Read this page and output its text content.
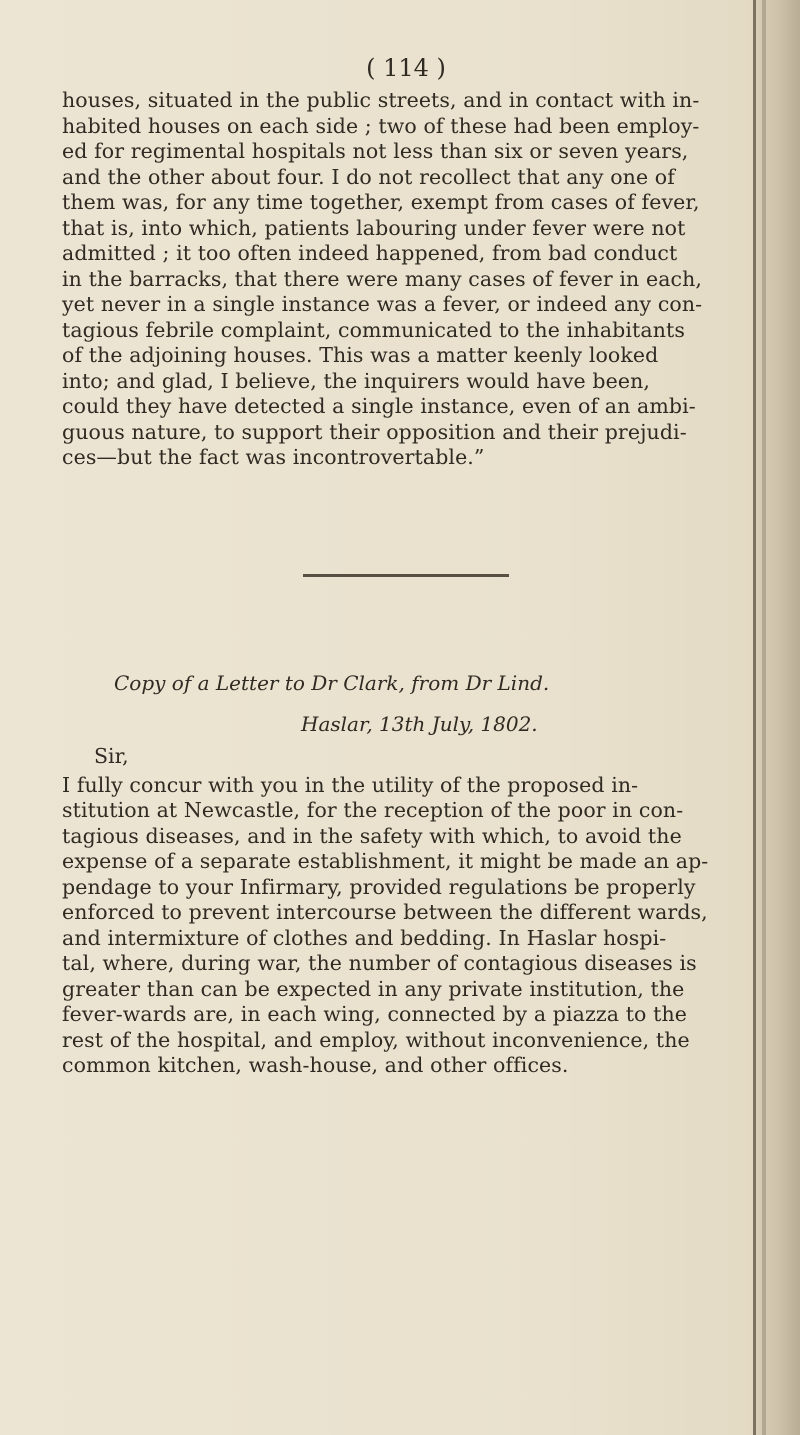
( 114 )

houses, situated in the public streets, and in contact with in-
habited houses on each side ; two of these had been employ-
ed for regimental hospitals not less than six or seven years,
and the other about four. I do not recollect that any one of
them was, for any time together, exempt from cases of fever,
that is, into which, patients labouring under fever were not
admitted ; it too often indeed happened, from bad conduct
in the barracks, that there were many cases of fever in each,
yet never in a single instance was a fever, or indeed any con-
tagious febrile complaint, communicated to the inhabitants
of the adjoining houses. This was a matter keenly looked
into; and glad, I believe, the inquirers would have been,
could they have detected a single instance, even of an ambi-
guous nature, to support their opposition and their prejudi-
ces—but the fact was incontrovertable.”

Copy of a Letter to Dr Clark, from Dr Lind.
Haslar, 13th July, 1802.
Sir,

I fully concur with you in the utility of the proposed in-
stitution at Newcastle, for the reception of the poor in con-
tagious diseases, and in the safety with which, to avoid the
expense of a separate establishment, it might be made an ap-
pendage to your Infirmary, provided regulations be properly
enforced to prevent intercourse between the different wards,
and intermixture of clothes and bedding. In Haslar hospi-
tal, where, during war, the number of contagious diseases is
greater than can be expected in any private institution, the
fever-wards are, in each wing, connected by a piazza to the
rest of the hospital, and employ, without inconvenience, the
common kitchen, wash-house, and other offices.
